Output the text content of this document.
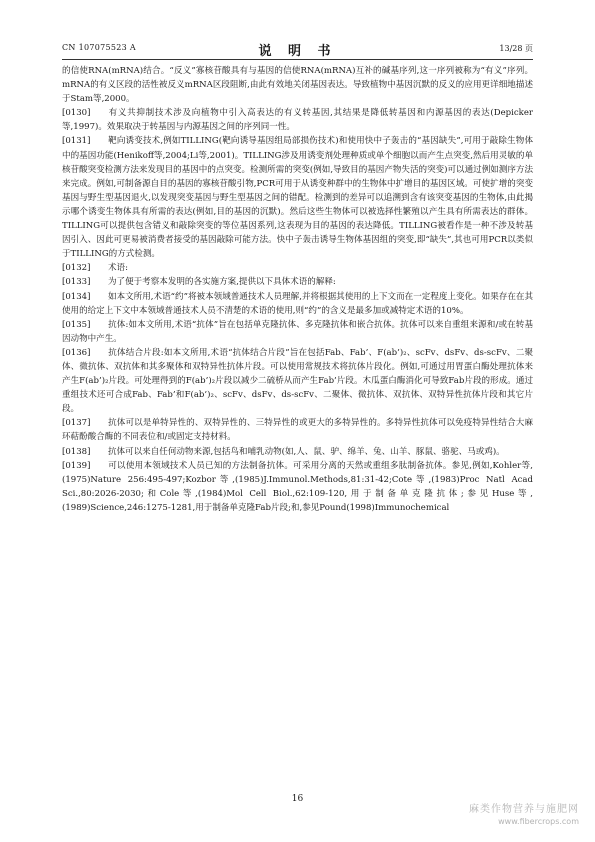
CN 107075523 A	说 明 书	13/28 页

的信使RNA(mRNA)结合。“反义”寡核苷酸具有与基因的信使RNA(mRNA)互补的碱基序列,这一序列被称为“有义”序列。mRNA的有义区段的活性被反义mRNA区段阻断,由此有效地关闭基因表达。导致植物中基因沉默的反义的应用更详细地描述于Stam等,2000。

[0130] 有义共抑制技术涉及向植物中引入高表达的有义转基因,其结果是降低转基因和内源基因的表达(Depicker等,1997)。效果取决于转基因与内源基因之间的序列同一性。

[0131] 靶向诱变技术,例如TILLING(靶向诱导基因组局部损伤技术)和使用快中子轰击的“基因缺失”,可用于敲除生物体中的基因功能(Henikoff等,2004;Li等,2001)。TILLING涉及用诱变剂处理种质或单个细胞以而产生点突变,然后用灵敏的单核苷酸突变检测方法来发现目的基因中的点突变。检测所需的突变(例如,导致目的基因产物失活的突变)可以通过例如测序方法来完成。例如,可制备源自目的基因的寡核苷酸引物,PCR可用于从诱变种群中的生物体中扩增目的基因区域。可使扩增的突变基因与野生型基因退火,以发现突变基因与野生型基因之间的错配。检测到的差异可以追溯到含有该突变基因的生物体,由此揭示哪个诱变生物体具有所需的表达(例如,目的基因的沉默)。然后这些生物体可以被选择性繁殖以产生具有所需表达的群体。TILLING可以提供包含错义和敲除突变的等位基因系列,这表现为目的基因的表达降低。TILLING被看作是一种不涉及转基因引入、因此可更易被消费者接受的基因敲除可能方法。快中子轰击诱导生物体基因组的突变,即“缺失”,其也可用PCR以类似于TILLING的方式检测。

[0132] 术语:

[0133] 为了便于考察本发明的各实施方案,提供以下具体术语的解释:

[0134] 如本文所用,术语“约”将被本领域普通技术人员理解,并将根据其使用的上下文而在一定程度上变化。如果存在在其使用的给定上下文中本领域普通技术人员不清楚的术语的使用,则“约”的含义是最多加或减特定术语的10%。

[0135] 抗体:如本文所用,术语“抗体”旨在包括单克隆抗体、多克隆抗体和嵌合抗体。抗体可以来自重组来源和/或在转基因动物中产生。

[0136] 抗体结合片段:如本文所用,术语“抗体结合片段”旨在包括Fab、Fab’、F(ab’)₂、scFv、dsFv、ds-scFv、二聚体、微抗体、双抗体和其多聚体和双特异性抗体片段。可以使用常规技术将抗体片段化。例如,可通过用胃蛋白酶处理抗体来产生F(ab’)₂片段。可处理得到的F(ab’)₂片段以减少二硫桥从而产生Fab’片段。木瓜蛋白酶消化可导致Fab片段的形成。通过重组技术还可合成Fab、Fab’和F(ab’)₂、scFv、dsFv、ds-scFv、二聚体、微抗体、双抗体、双特异性抗体片段和其它片段。

[0137] 抗体可以是单特异性的、双特异性的、三特异性的或更大的多特异性的。多特异性抗体可以免疫特异性结合大麻环萜酚酸合酶的不同表位和/或固定支持材料。

[0138] 抗体可以来自任何动物来源,包括鸟和哺乳动物(如,人、鼠、驴、绵羊、兔、山羊、豚鼠、骆驼、马或鸡)。

[0139] 可以使用本领域技术人员已知的方法制备抗体。可采用分离的天然或重组多肽制备抗体。参见,例如,Kohler等,(1975)Nature 256:495-497;Kozbor等,(1985)J.Immunol.Methods,81:31-42;Cote等,(1983)Proc Natl Acad Sci.,80:2026-2030;和Cole等,(1984)Mol Cell Biol.,62:109-120,用于制备单克隆抗体;参见Huse等,(1989)Science,246:1275-1281,用于制备单克隆Fab片段;和,参见Pound(1998)Immunochemical

16
麻类作物营养与施肥网
www.fibercrops.com
